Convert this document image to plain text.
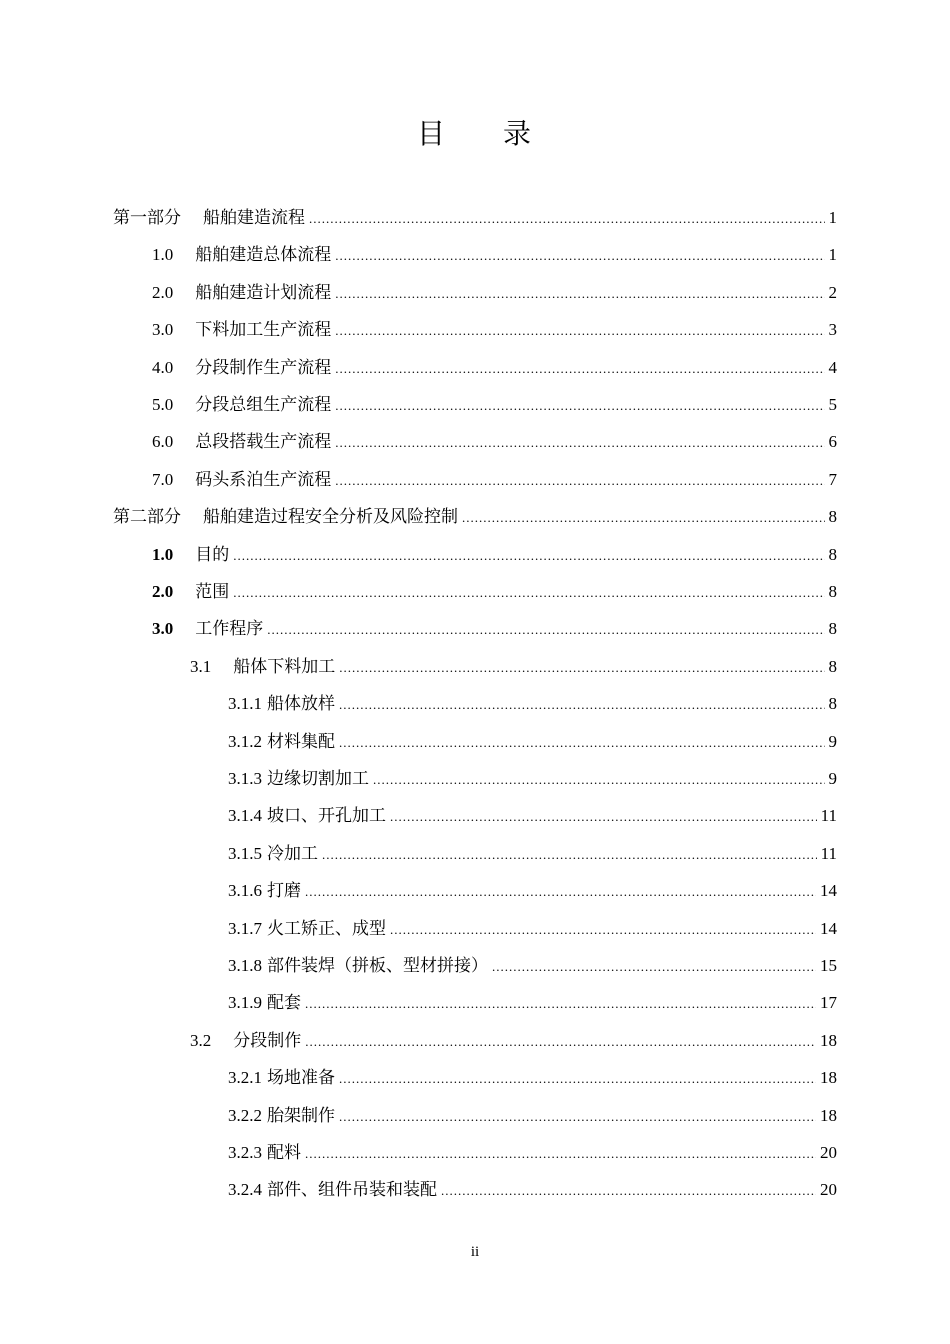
目 录
第一部分 船舶建造流程 .....	1
1.0 船舶建造总体流程 .....	1
2.0 船舶建造计划流程 .....	2
3.0 下料加工生产流程 .....	3
4.0 分段制作生产流程 .....	4
5.0 分段总组生产流程 .....	5
6.0 总段搭载生产流程 .....	6
7.0 码头系泊生产流程 .....	7
第二部分 船舶建造过程安全分析及风险控制 .....	8
1.0 目的 .....	8
2.0 范围 .....	8
3.0 工作程序 .....	8
3.1 船体下料加工 .....	8
3.1.1 船体放样 .....	8
3.1.2 材料集配 .....	9
3.1.3 边缘切割加工 .....	9
3.1.4 坡口、开孔加工 .....	11
3.1.5 冷加工 .....	11
3.1.6 打磨 .....	14
3.1.7 火工矫正、成型 .....	14
3.1.8 部件装焊（拼板、型材拼接） .....	15
3.1.9 配套 .....	17
3.2 分段制作 .....	18
3.2.1 场地准备 .....	18
3.2.2 胎架制作 .....	18
3.2.3 配料 .....	20
3.2.4 部件、组件吊装和装配 .....	20
ii
